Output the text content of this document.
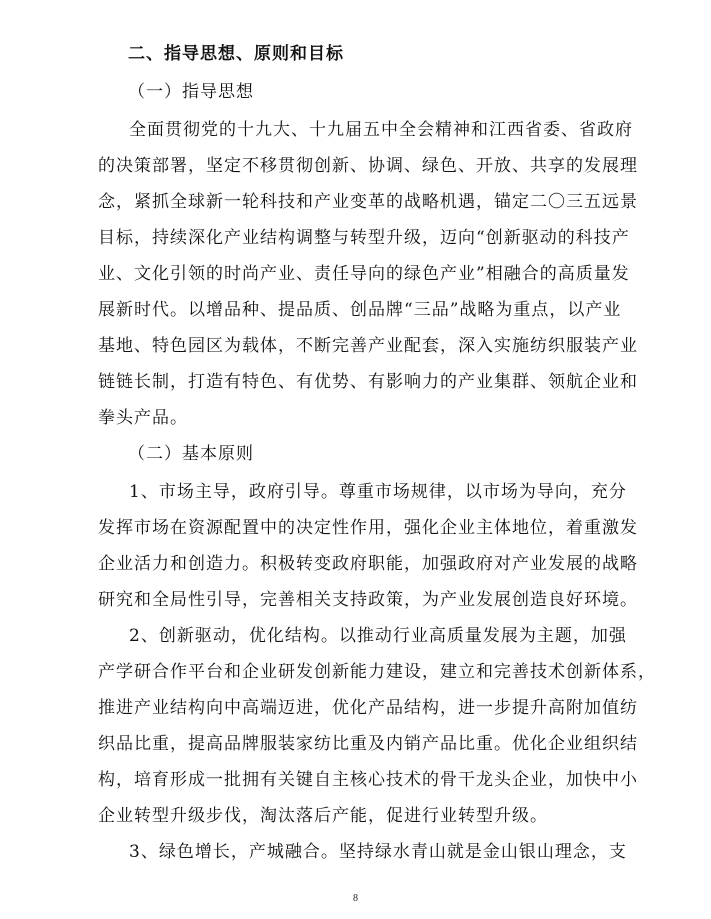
二、指导思想、原则和目标
（一）指导思想
全面贯彻党的十九大、十九届五中全会精神和江西省委、省政府
的决策部署，坚定不移贯彻创新、协调、绿色、开放、共享的发展理
念，紧抓全球新一轮科技和产业变革的战略机遇，锚定二〇三五远景
目标，持续深化产业结构调整与转型升级，迈向“创新驱动的科技产
业、文化引领的时尚产业、责任导向的绿色产业”相融合的高质量发
展新时代。以增品种、提品质、创品牌“三品”战略为重点，以产业
基地、特色园区为载体，不断完善产业配套，深入实施纺织服装产业
链链长制，打造有特色、有优势、有影响力的产业集群、领航企业和
拳头产品。
（二）基本原则
1、市场主导，政府引导。尊重市场规律，以市场为导向，充分
发挥市场在资源配置中的决定性作用，强化企业主体地位，着重激发
企业活力和创造力。积极转变政府职能，加强政府对产业发展的战略
研究和全局性引导，完善相关支持政策，为产业发展创造良好环境。
2、创新驱动，优化结构。以推动行业高质量发展为主题，加强
产学研合作平台和企业研发创新能力建设，建立和完善技术创新体系，
推进产业结构向中高端迈进，优化产品结构，进一步提升高附加值纺
织品比重，提高品牌服装家纺比重及内销产品比重。优化企业组织结
构，培育形成一批拥有关键自主核心技术的骨干龙头企业，加快中小
企业转型升级步伐，淘汰落后产能，促进行业转型升级。
3、绿色增长，产城融合。坚持绿水青山就是金山银山理念，支
8
